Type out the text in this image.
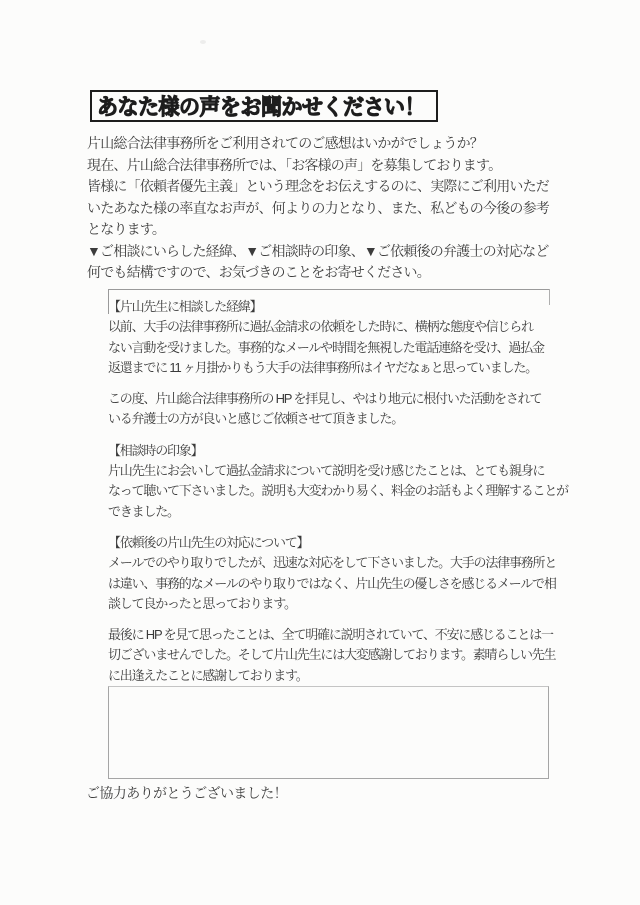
あなた様の声をお聞かせください！
片山総合法律事務所をご利用されてのご感想はいかがでしょうか？
現在、片山総合法律事務所では、「お客様の声」を募集しております。
皆様に「依頼者優先主義」という理念をお伝えするのに、実際にご利用いただ
いたあなた様の率直なお声が、何よりの力となり、また、私どもの今後の参考
となります。
▼ご相談にいらした経緯、▼ご相談時の印象、▼ご依頼後の弁護士の対応など
何でも結構ですので、お気づきのことをお寄せください。
【片山先生に相談した経緯】
以前、大手の法律事務所に過払金請求の依頼をした時に、横柄な態度や信じられ
ない言動を受けました。事務的なメールや時間を無視した電話連絡を受け、過払金
返還までに 11 ヶ月掛かりもう大手の法律事務所はイヤだなぁと思っていました。
この度、片山総合法律事務所の HP を拝見し、やはり地元に根付いた活動をされて
いる弁護士の方が良いと感じご依頼させて頂きました。
【相談時の印象】
片山先生にお会いして過払金請求について説明を受け感じたことは、とても親身に
なって聴いて下さいました。説明も大変わかり易く、料金のお話もよく理解することが
できました。
【依頼後の片山先生の対応について】
メールでのやり取りでしたが、迅速な対応をして下さいました。大手の法律事務所と
は違い、事務的なメールのやり取りではなく、片山先生の優しさを感じるメールで相
談して良かったと思っております。
最後に HP を見て思ったことは、全て明確に説明されていて、不安に感じることは一
切ございませんでした。そして片山先生には大変感謝しております。素晴らしい先生
に出逢えたことに感謝しております。
ご協力ありがとうございました！
